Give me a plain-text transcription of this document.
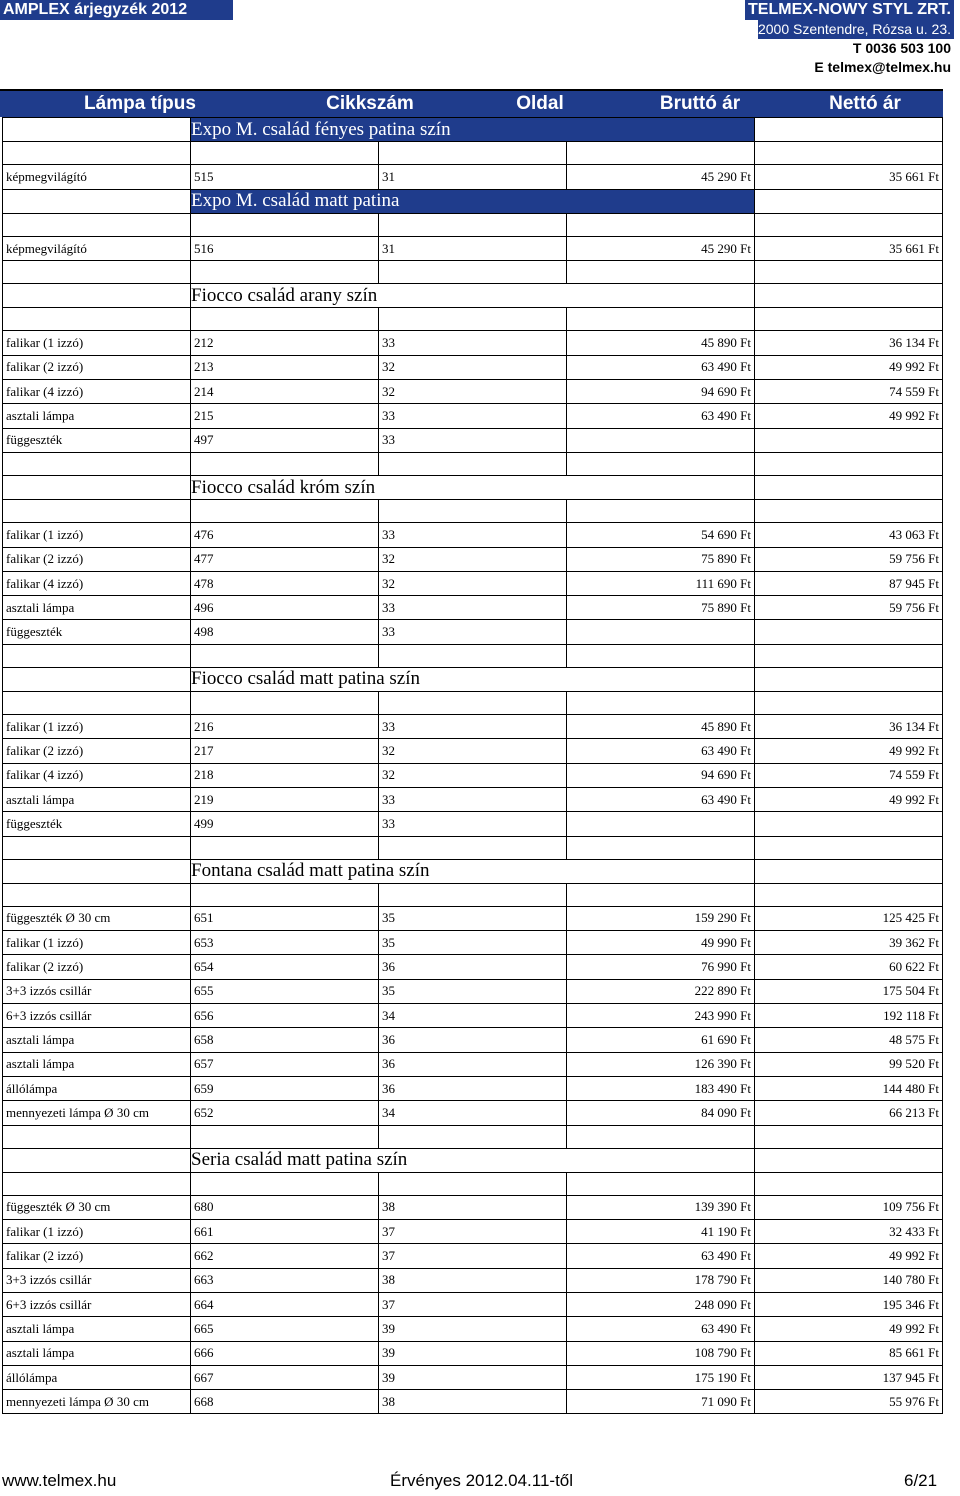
AMPLEX árjegyzék 2012	TELMEX-NOWY STYL ZRT.
2000 Szentendre, Rózsa u. 23.
T 0036 503 100
E telmex@telmex.hu
Lámpa típus	Cikkszám	Oldal	Bruttó ár	Nettó ár
	Expo M. család fényes patina szín			

képmegvilágító	515	31	45 290 Ft	35 661 Ft
	Expo M. család matt patina			

képmegvilágító	516	31	45 290 Ft	35 661 Ft

	Fiocco család arany szín			

falikar (1 izzó)	212	33	45 890 Ft	36 134 Ft
falikar (2 izzó)	213	32	63 490 Ft	49 992 Ft
falikar (4 izzó)	214	32	94 690 Ft	74 559 Ft
asztali lámpa	215	33	63 490 Ft	49 992 Ft
függeszték	497	33		

	Fiocco család króm szín			

falikar (1 izzó)	476	33	54 690 Ft	43 063 Ft
falikar (2 izzó)	477	32	75 890 Ft	59 756 Ft
falikar (4 izzó)	478	32	111 690 Ft	87 945 Ft
asztali lámpa	496	33	75 890 Ft	59 756 Ft
függeszték	498	33		

	Fiocco család matt patina szín			

falikar (1 izzó)	216	33	45 890 Ft	36 134 Ft
falikar (2 izzó)	217	32	63 490 Ft	49 992 Ft
falikar (4 izzó)	218	32	94 690 Ft	74 559 Ft
asztali lámpa	219	33	63 490 Ft	49 992 Ft
függeszték	499	33		

	Fontana család matt patina szín			

függeszték Ø 30 cm	651	35	159 290 Ft	125 425 Ft
falikar (1 izzó)	653	35	49 990 Ft	39 362 Ft
falikar (2 izzó)	654	36	76 990 Ft	60 622 Ft
3+3 izzós csillár	655	35	222 890 Ft	175 504 Ft
6+3 izzós csillár	656	34	243 990 Ft	192 118 Ft
asztali lámpa	658	36	61 690 Ft	48 575 Ft
asztali lámpa	657	36	126 390 Ft	99 520 Ft
állólámpa	659	36	183 490 Ft	144 480 Ft
mennyezeti lámpa Ø 30 cm	652	34	84 090 Ft	66 213 Ft

	Seria család matt patina szín			

függeszték Ø 30 cm	680	38	139 390 Ft	109 756 Ft
falikar (1 izzó)	661	37	41 190 Ft	32 433 Ft
falikar (2 izzó)	662	37	63 490 Ft	49 992 Ft
3+3 izzós csillár	663	38	178 790 Ft	140 780 Ft
6+3 izzós csillár	664	37	248 090 Ft	195 346 Ft
asztali lámpa	665	39	63 490 Ft	49 992 Ft
asztali lámpa	666	39	108 790 Ft	85 661 Ft
állólámpa	667	39	175 190 Ft	137 945 Ft
mennyezeti lámpa Ø 30 cm	668	38	71 090 Ft	55 976 Ft
www.telmex.hu	Érvényes 2012.04.11-től	6/21
